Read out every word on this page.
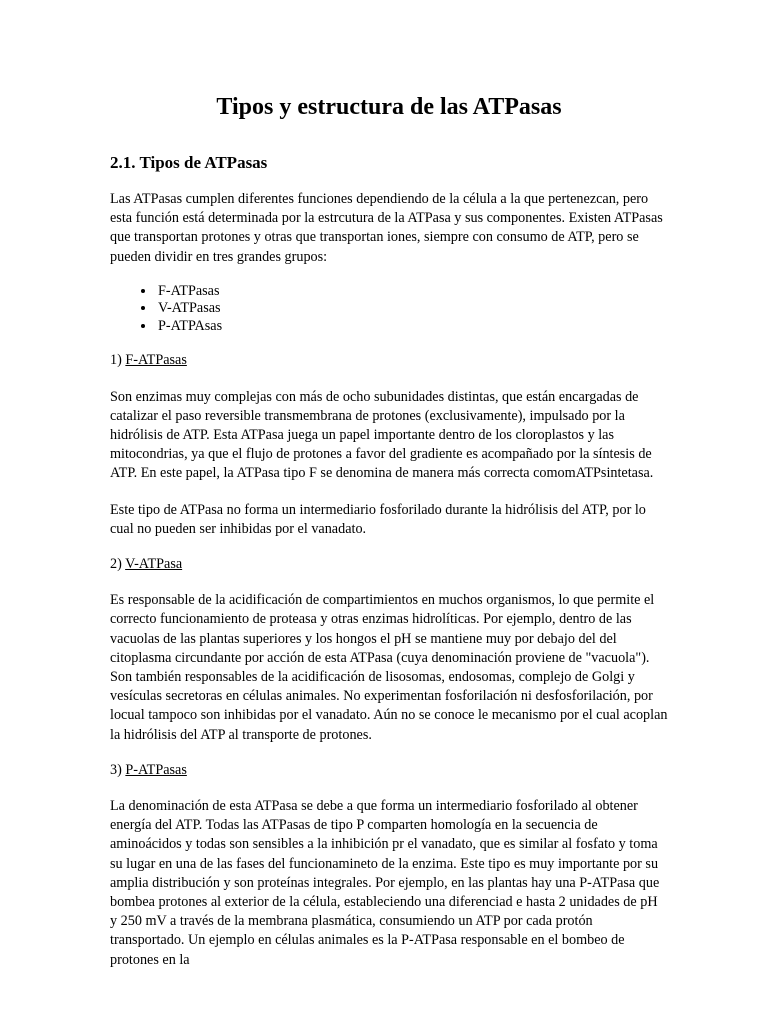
Tipos y estructura de las ATPasas
2.1. Tipos de ATPasas

Las ATPasas cumplen diferentes funciones dependiendo de la célula a la que pertenezcan, pero esta función está determinada por la estrcutura de la ATPasa y sus componentes. Existen ATPasas que transportan protones y otras que transportan iones, siempre con consumo de ATP, pero se pueden dividir en tres grandes grupos:

• F-ATPasas
• V-ATPasas
• P-ATPAsas

1) F-ATPasas

Son enzimas muy complejas con más de ocho subunidades distintas, que están encargadas de catalizar el paso reversible transmembrana de protones (exclusivamente), impulsado por la hidrólisis de ATP. Esta ATPasa juega un papel importante dentro de los cloroplastos y las mitocondrias, ya que el flujo de protones a favor del gradiente es acompañado por la síntesis de ATP. En este papel, la ATPasa tipo F se denomina de manera más correcta comomATPsintetasa.

Este tipo de ATPasa no forma un intermediario fosforilado durante la hidrólisis del ATP, por lo cual no pueden ser inhibidas por el vanadato.

2) V-ATPasa

Es responsable de la acidificación de compartimientos en muchos organismos, lo que permite el correcto funcionamiento de proteasa y otras enzimas hidrolíticas. Por ejemplo, dentro de las vacuolas de las plantas superiores y los hongos el pH se mantiene muy por debajo del del citoplasma circundante por acción de esta ATPasa (cuya denominación proviene de "vacuola"). Son también responsables de la acidificación de lisosomas, endosomas, complejo de Golgi y vesículas secretoras en células animales. No experimentan fosforilación ni desfosforilación, por locual tampoco son inhibidas por el vanadato. Aún no se conoce le mecanismo por el cual acoplan la hidrólisis del ATP al transporte de protones.

3) P-ATPasas

La denominación de esta ATPasa se debe a que forma un intermediario fosforilado al obtener energía del ATP. Todas las ATPasas de tipo P comparten homología en la secuencia de aminoácidos y todas son sensibles a la inhibición pr el vanadato, que es similar al fosfato y toma su lugar en una de las fases del funcionamineto de la enzima. Este tipo es muy importante por su amplia distribución y son proteínas integrales. Por ejemplo, en las plantas hay una P-ATPasa que bombea protones al exterior de la célula, estableciendo una diferenciad e hasta 2 unidades de pH y 250 mV a través de la membrana plasmática, consumiendo un ATP por cada protón transportado. Un ejemplo en células animales es la P-ATPasa responsable en el bombeo de protones en la
